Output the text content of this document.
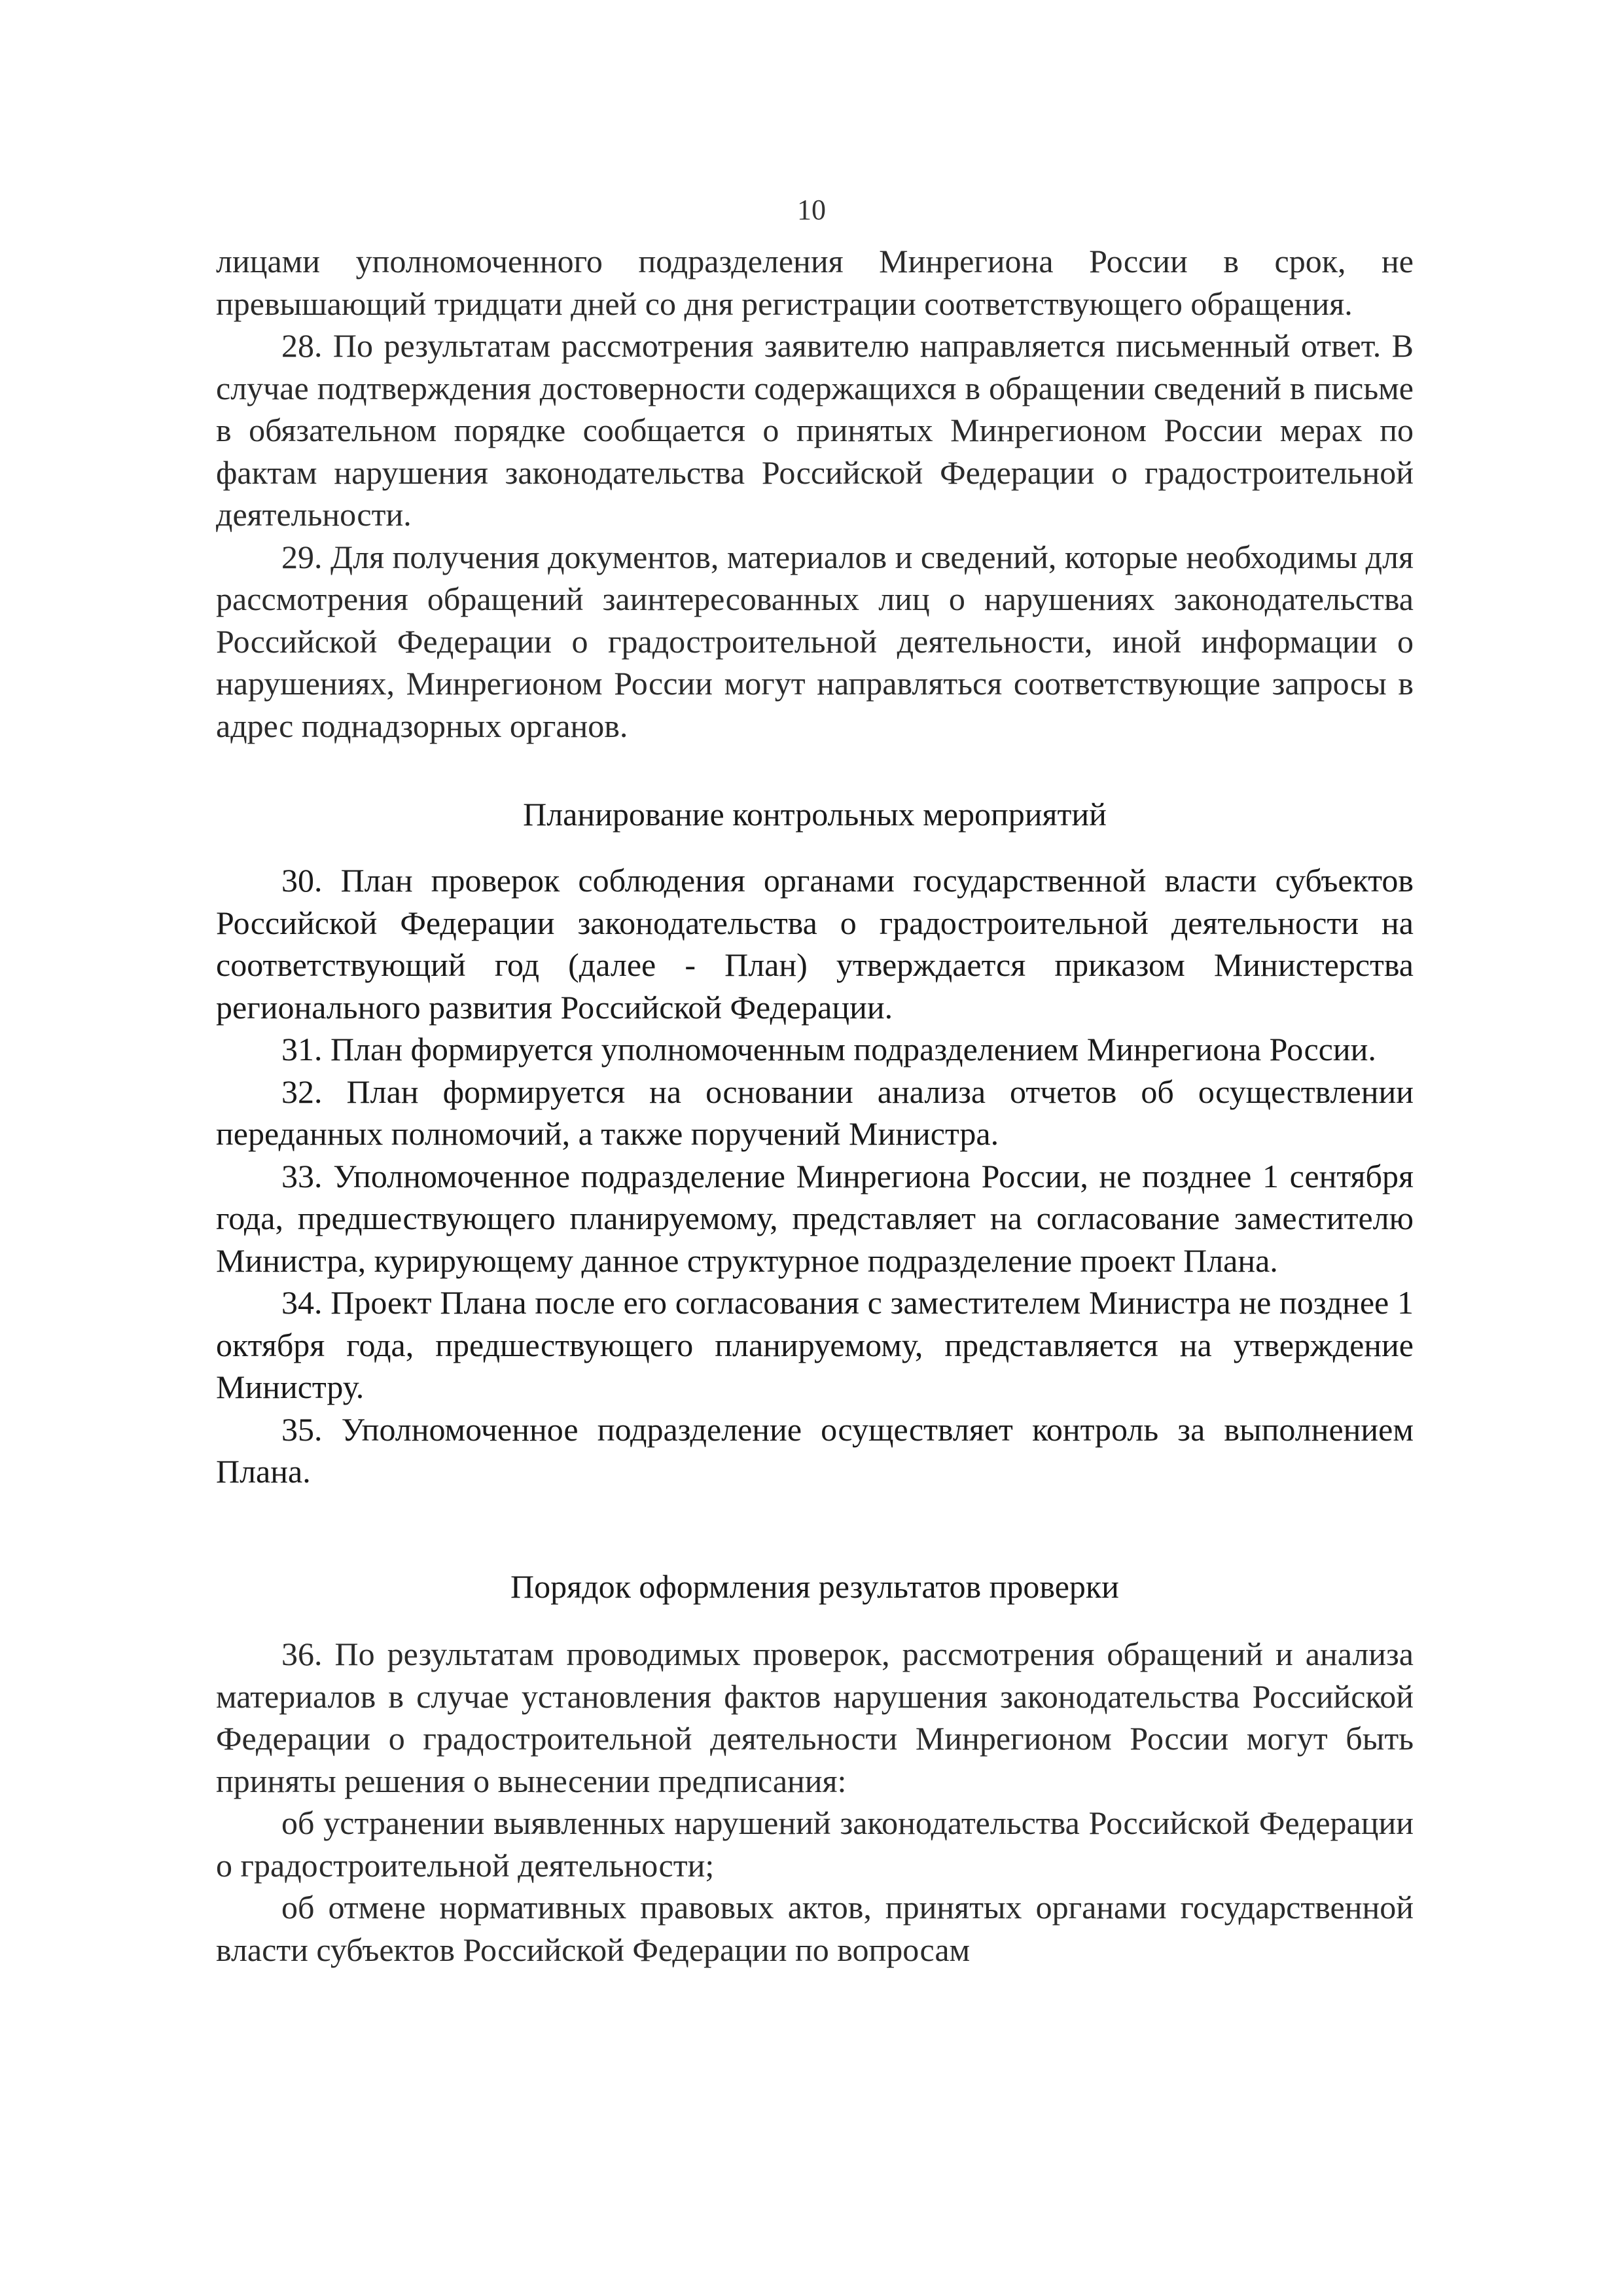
10

лицами уполномоченного подразделения Минрегиона России в срок, не превышающий тридцати дней со дня регистрации соответствующего обращения.

28. По результатам рассмотрения заявителю направляется письменный ответ. В случае подтверждения достоверности содержащихся в обращении сведений в письме в обязательном порядке сообщается о принятых Минрегионом России мерах по фактам нарушения законодательства Российской Федерации о градостроительной деятельности.

29. Для получения документов, материалов и сведений, которые необходимы для рассмотрения обращений заинтересованных лиц о нарушениях законодательства Российской Федерации о градостроительной деятельности, иной информации о нарушениях, Минрегионом России могут направляться соответствующие запросы в адрес поднадзорных органов.

Планирование контрольных мероприятий

30. План проверок соблюдения органами государственной власти субъектов Российской Федерации законодательства о градостроительной деятельности на соответствующий год (далее - План) утверждается приказом Министерства регионального развития Российской Федерации.

31. План формируется уполномоченным подразделением Минрегиона России.

32. План формируется на основании анализа отчетов об осуществлении переданных полномочий, а также поручений Министра.

33. Уполномоченное подразделение Минрегиона России, не позднее 1 сентября года, предшествующего планируемому, представляет на согласование заместителю Министра, курирующему данное структурное подразделение проект Плана.

34. Проект Плана после его согласования с заместителем Министра не позднее 1 октября года, предшествующего планируемому, представляется на утверждение Министру.

35. Уполномоченное подразделение осуществляет контроль за выполнением Плана.

Порядок оформления результатов проверки

36. По результатам проводимых проверок, рассмотрения обращений и анализа материалов в случае установления фактов нарушения законодательства Российской Федерации о градостроительной деятельности Минрегионом России могут быть приняты решения о вынесении предписания:

об устранении выявленных нарушений законодательства Российской Федерации о градостроительной деятельности;

об отмене нормативных правовых актов, принятых органами государственной власти субъектов Российской Федерации по вопросам
